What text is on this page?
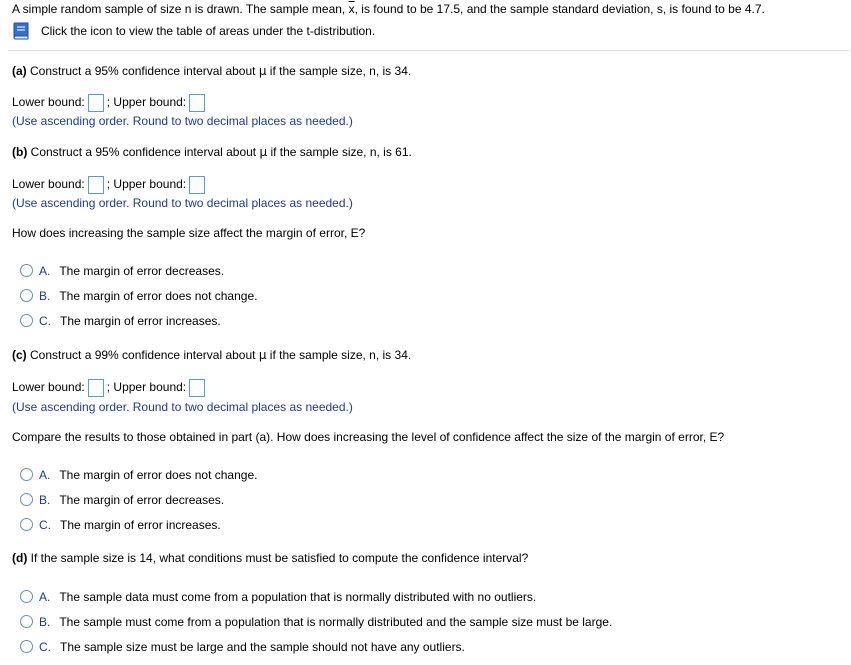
A simple random sample of size n is drawn. The sample mean, $\overline{x}$, is found to be 17.5, and the sample standard deviation, s, is found to be 4.7.
Click the icon to view the table of areas under the t-distribution.
(a) Construct a 95% confidence interval about μ if the sample size, n, is 34.
Lower bound: ; Upper bound:
(Use ascending order. Round to two decimal places as needed.)
(b) Construct a 95% confidence interval about μ if the sample size, n, is 61.
Lower bound: ; Upper bound:
(Use ascending order. Round to two decimal places as needed.)
How does increasing the sample size affect the margin of error, E?
A. The margin of error decreases.
B. The margin of error does not change.
C. The margin of error increases.
(c) Construct a 99% confidence interval about μ if the sample size, n, is 34.
Lower bound: ; Upper bound:
(Use ascending order. Round to two decimal places as needed.)
Compare the results to those obtained in part (a). How does increasing the level of confidence affect the size of the margin of error, E?
A. The margin of error does not change.
B. The margin of error decreases.
C. The margin of error increases.
(d) If the sample size is 14, what conditions must be satisfied to compute the confidence interval?
A. The sample data must come from a population that is normally distributed with no outliers.
B. The sample must come from a population that is normally distributed and the sample size must be large.
C. The sample size must be large and the sample should not have any outliers.
